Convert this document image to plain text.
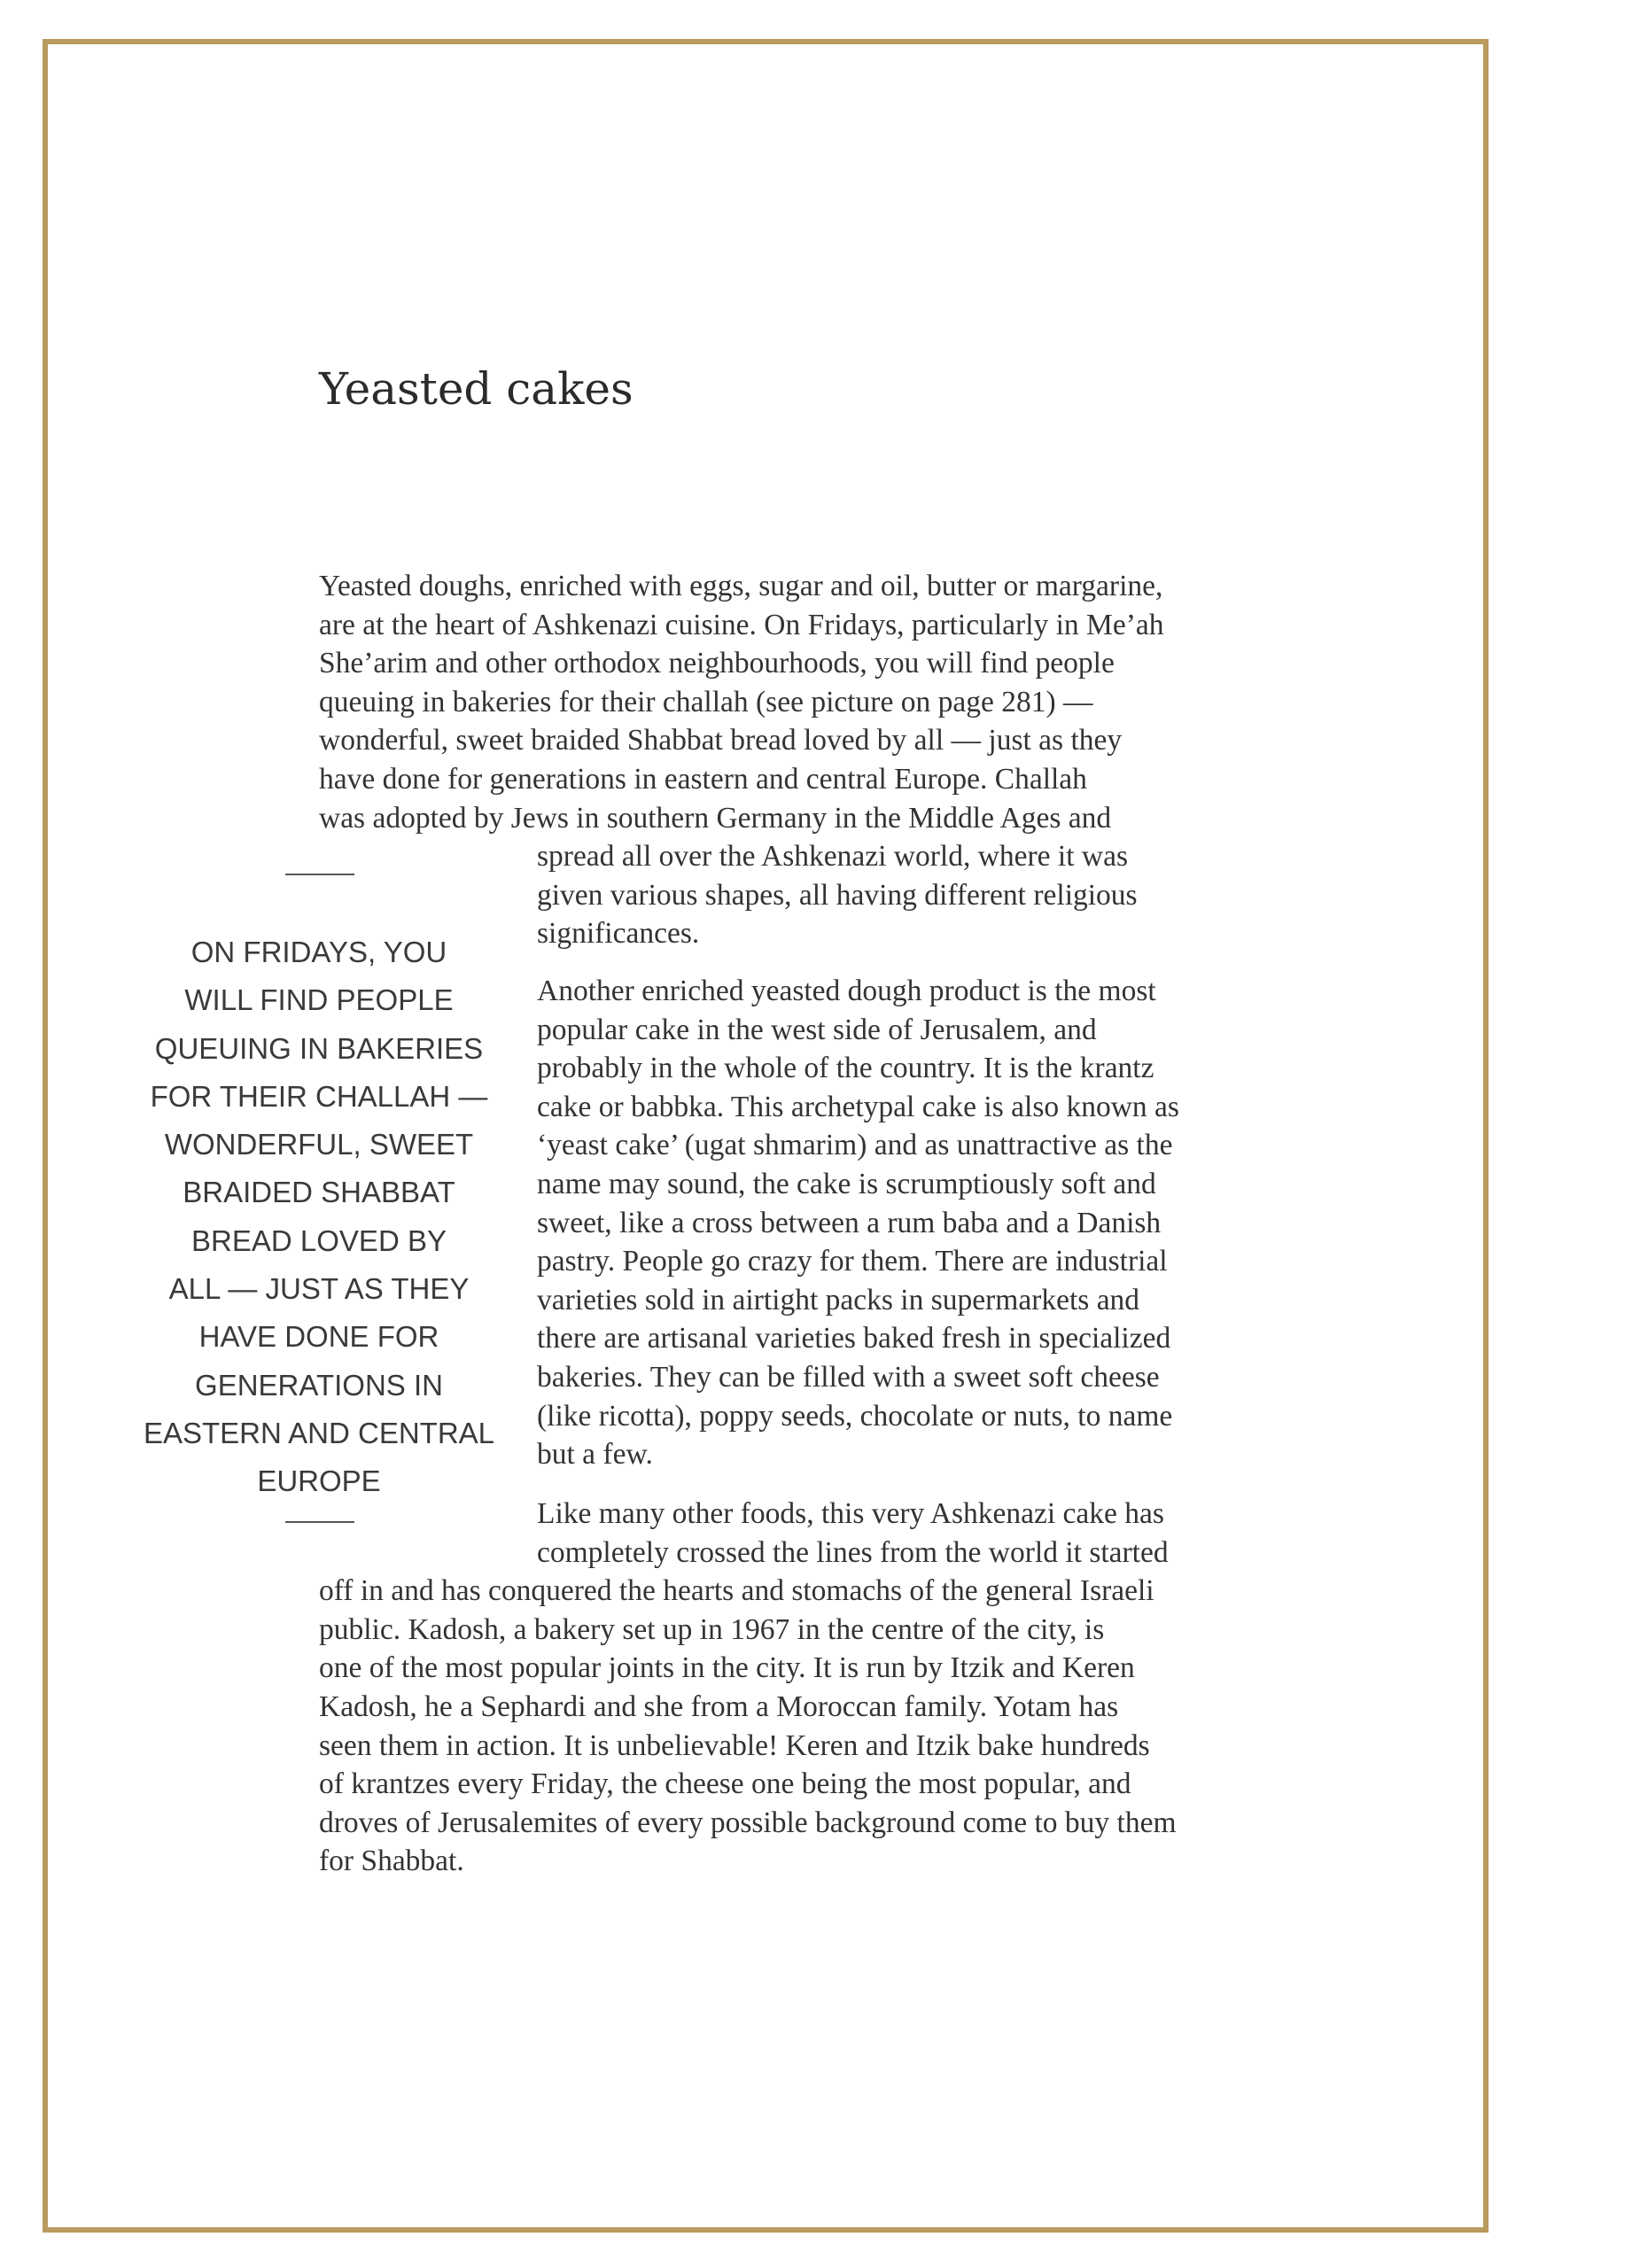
Yeasted cakes

Yeasted doughs, enriched with eggs, sugar and oil, butter or margarine,

are at the heart of Ashkenazi cuisine. On Fridays, particularly in Me’ah

She’arim and other orthodox neighbourhoods, you will find people

queuing in bakeries for their challah (see picture on page 281) —

wonderful, sweet braided Shabbat bread loved by all — just as they

have done for generations in eastern and central Europe. Challah

was adopted by Jews in southern Germany in the Middle Ages and

spread all over the Ashkenazi world, where it was

given various shapes, all having different religious

significances.

Another enriched yeasted dough product is the most

popular cake in the west side of Jerusalem, and

probably in the whole of the country. It is the krantz

cake or babbka. This archetypal cake is also known as

‘yeast cake’ (ugat shmarim) and as unattractive as the

name may sound, the cake is scrumptiously soft and

sweet, like a cross between a rum baba and a Danish

pastry. People go crazy for them. There are industrial

varieties sold in airtight packs in supermarkets and

there are artisanal varieties baked fresh in specialized

bakeries. They can be filled with a sweet soft cheese

(like ricotta), poppy seeds, chocolate or nuts, to name

but a few.

Like many other foods, this very Ashkenazi cake has

completely crossed the lines from the world it started

off in and has conquered the hearts and stomachs of the general Israeli

public. Kadosh, a bakery set up in 1967 in the centre of the city, is

one of the most popular joints in the city. It is run by Itzik and Keren

Kadosh, he a Sephardi and she from a Moroccan family. Yotam has

seen them in action. It is unbelievable! Keren and Itzik bake hundreds

of krantzes every Friday, the cheese one being the most popular, and

droves of Jerusalemites of every possible background come to buy them

for Shabbat.

ON FRIDAYS, YOU
WILL FIND PEOPLE
QUEUING IN BAKERIES
FOR THEIR CHALLAH —
WONDERFUL, SWEET
BRAIDED SHABBAT
BREAD LOVED BY
ALL — JUST AS THEY
HAVE DONE FOR
GENERATIONS IN
EASTERN AND CENTRAL
EUROPE
